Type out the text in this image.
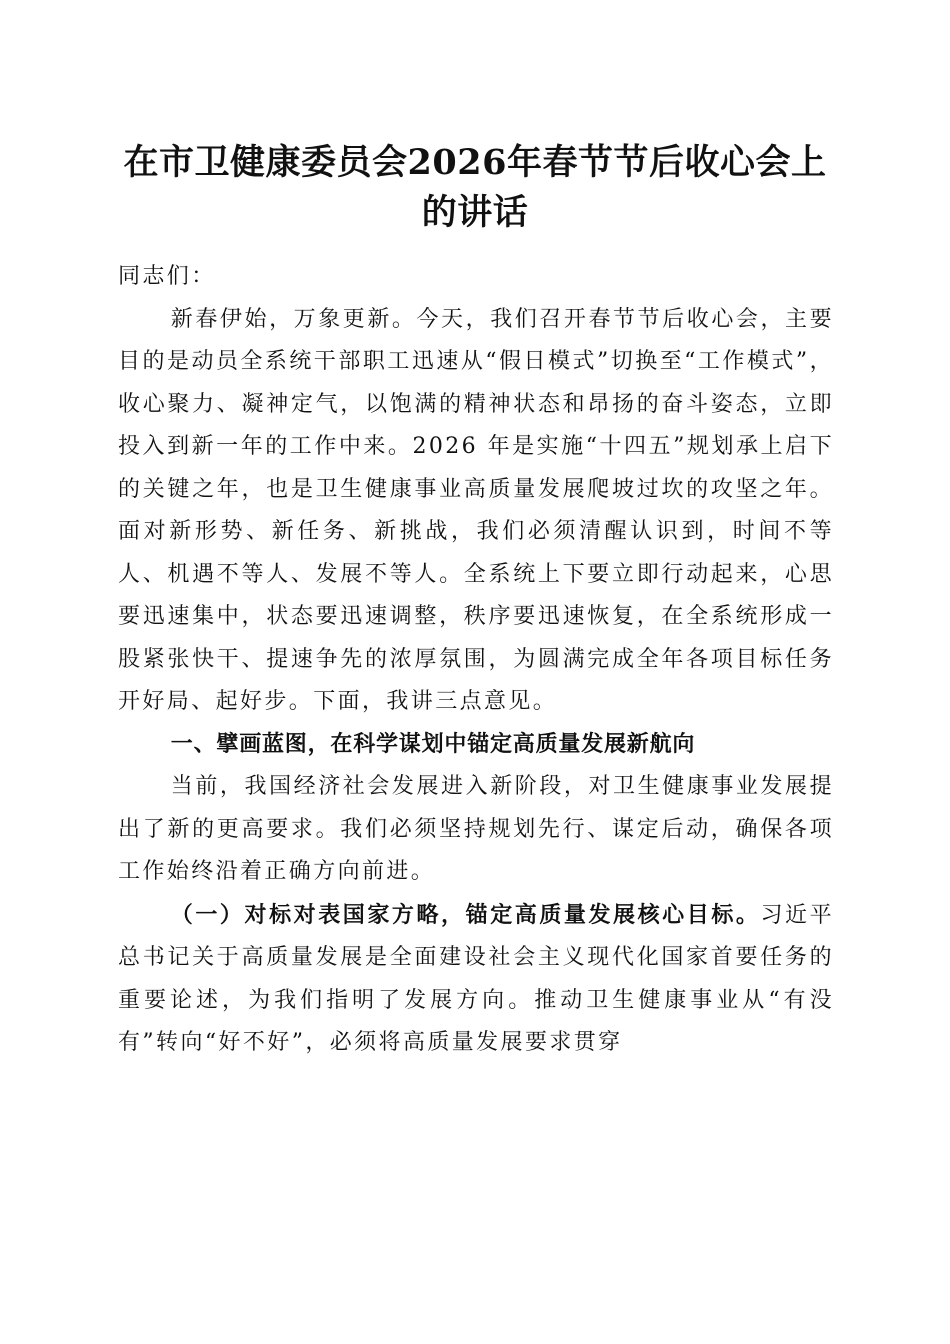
在市卫健康委员会2026年春节节后收心会上
的讲话

同志们：

新春伊始，万象更新。今天，我们召开春节节后收心会，主要目的是动员全系统干部职工迅速从“假日模式”切换至“工作模式”，收心聚力、凝神定气，以饱满的精神状态和昂扬的奋斗姿态，立即投入到新一年的工作中来。2026 年是实施“十四五”规划承上启下的关键之年，也是卫生健康事业高质量发展爬坡过坎的攻坚之年。面对新形势、新任务、新挑战，我们必须清醒认识到，时间不等人、机遇不等人、发展不等人。全系统上下要立即行动起来，心思要迅速集中，状态要迅速调整，秩序要迅速恢复，在全系统形成一股紧张快干、提速争先的浓厚氛围，为圆满完成全年各项目标任务开好局、起好步。下面，我讲三点意见。

一、擘画蓝图，在科学谋划中锚定高质量发展新航向

当前，我国经济社会发展进入新阶段，对卫生健康事业发展提出了新的更高要求。我们必须坚持规划先行、谋定后动，确保各项工作始终沿着正确方向前进。

（一）对标对表国家方略，锚定高质量发展核心目标。习近平总书记关于高质量发展是全面建设社会主义现代化国家首要任务的重要论述，为我们指明了发展方向。推动卫生健康事业从“有没有”转向“好不好”，必须将高质量发展要求贯穿
